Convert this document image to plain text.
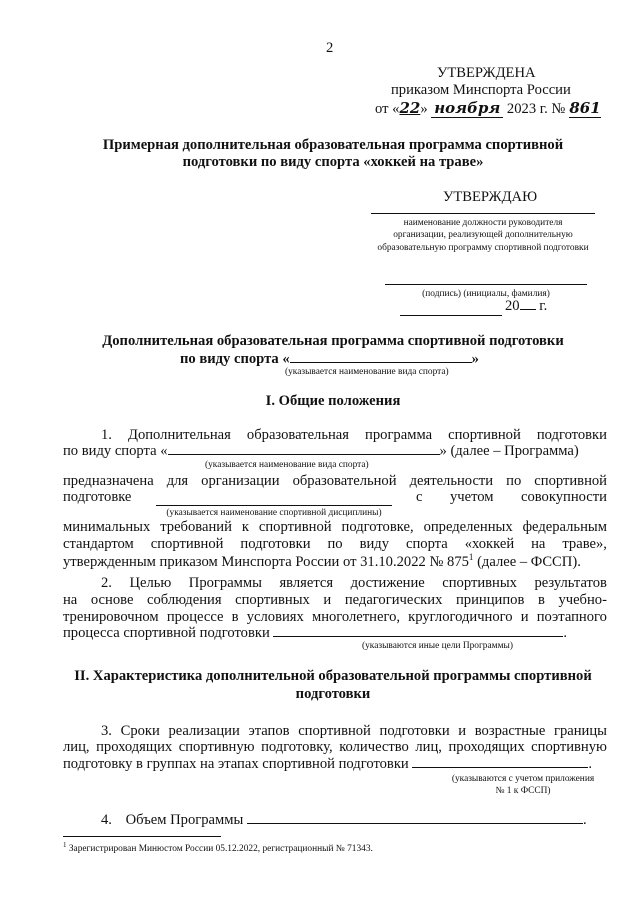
2
УТВЕРЖДЕНА
приказом Минспорта России
от «22» ноября 2023 г. № 861
Примерная дополнительная образовательная программа спортивной
подготовки по виду спорта «хоккей на траве»
УТВЕРЖДАЮ
наименование должности руководителя
организации, реализующей дополнительную
образовательную программу спортивной подготовки
(подпись) (инициалы, фамилия)
20 г.
Дополнительная образовательная программа спортивной подготовки
по виду спорта «	»
(указывается наименование вида спорта)
I. Общие положения
1. Дополнительная образовательная программа спортивной подготовки
по виду спорта «	» (далее – Программа)
(указывается наименование вида спорта)
предназначена для организации образовательной деятельности по спортивной
подготовке	с учетом совокупности
(указывается наименование спортивной дисциплины)
минимальных требований к спортивной подготовке, определенных федеральным
стандартом спортивной подготовки по виду спорта «хоккей на траве»,
утвержденным приказом Минспорта России от 31.10.2022 № $875^1$ (далее – ФССП).
2. Целью Программы является достижение спортивных результатов
на основе соблюдения спортивных и педагогических принципов в учебно-
тренировочном процессе в условиях многолетнего, круглогодичного и поэтапного
процесса спортивной подготовки	.
(указываются иные цели Программы)
II. Характеристика дополнительной образовательной программы спортивной
подготовки
3. Сроки реализации этапов спортивной подготовки и возрастные границы
лиц, проходящих спортивную подготовку, количество лиц, проходящих спортивную
подготовку в группах на этапах спортивной подготовки	.
(указываются с учетом приложения
№ 1 к ФССП)
4. Объем Программы	.
$^1$ Зарегистрирован Минюстом России 05.12.2022, регистрационный № 71343.
